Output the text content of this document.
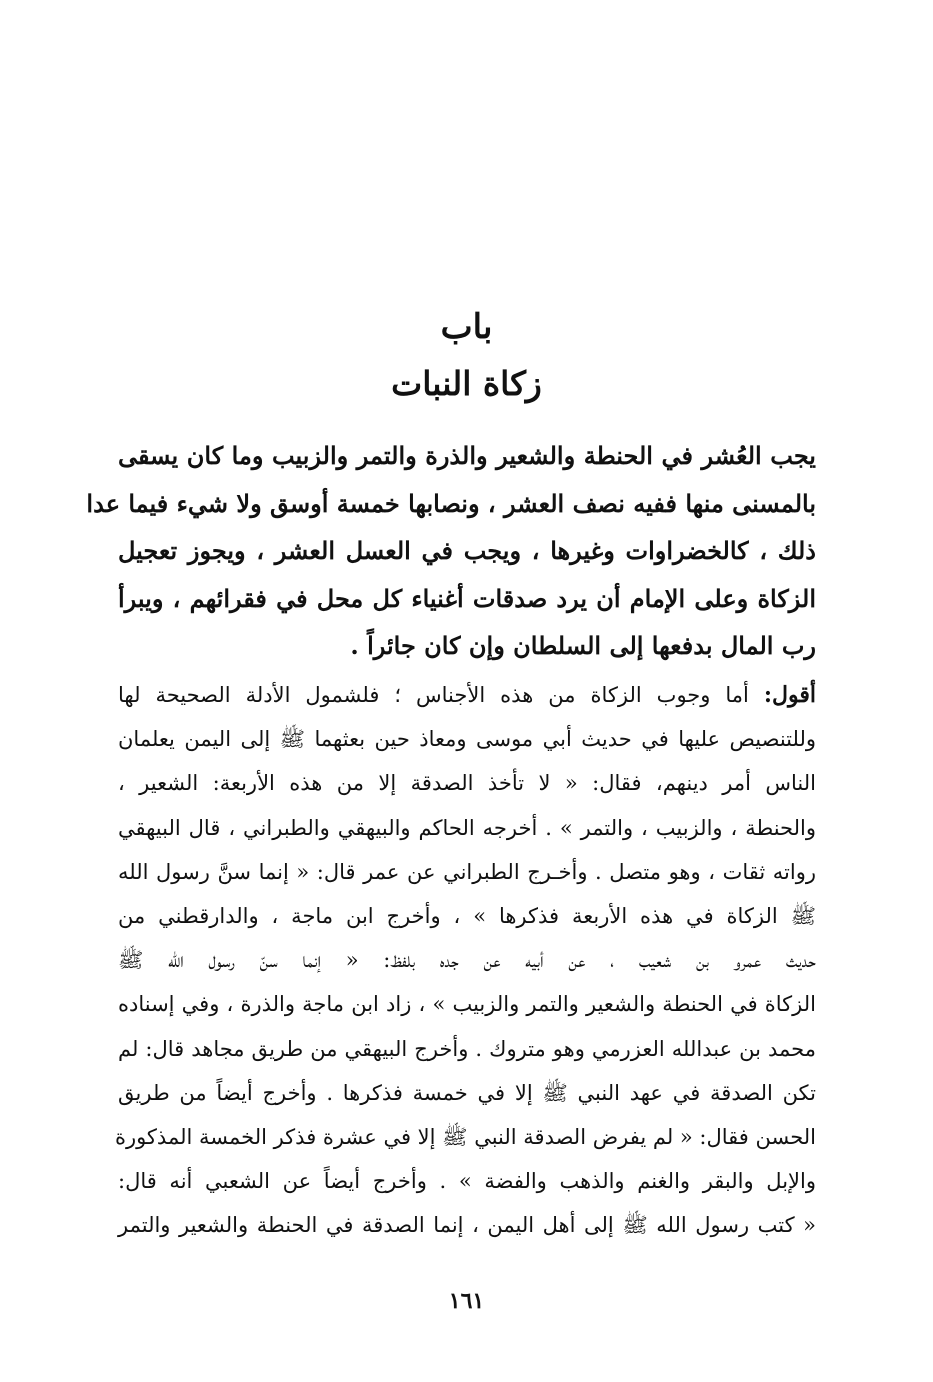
باب
زكاة النبات
يجب العُشر في الحنطة والشعير والذرة والتمر والزبيب وما كان يسقى
بالمسنى منها ففيه نصف العشر ، ونصابها خمسة أوسق ولا شيء فيما عدا
ذلك ، كالخضراوات وغيرها ، ويجب في العسل العشر ، ويجوز تعجيل
الزكاة وعلى الإمام أن يرد صدقات أغنياء كل محل في فقرائهم ، ويبرأ
رب المال بدفعها إلى السلطان وإن كان جائراً .
أقول: أما وجوب الزكاة من هذه الأجناس ؛ فلشمول الأدلة الصحيحة لها
وللتنصيص عليها في حديث أبي موسى ومعاذ حين بعثهما ﷺ إلى اليمن يعلمان
الناس أمر دينهم، فقال: « لا تأخذ الصدقة إلا من هذه الأربعة: الشعير ،
والحنطة ، والزبيب ، والتمر » . أخرجه الحاكم والبيهقي والطبراني ، قال البيهقي
رواته ثقات ، وهو متصل . وأخـرج الطبراني عن عمر قال: « إنما سنَّ رسول الله
ﷺ الزكاة في هذه الأربعة فذكرها » ، وأخرج ابن ماجة ، والدارقطني من
حديث عمرو بن شعيب ، عن أبيه عن جده بلفظ: « إنما سنّ رسول الله ﷺ
الزكاة في الحنطة والشعير والتمر والزبيب » ، زاد ابن ماجة والذرة ، وفي إسناده
محمد بن عبدالله العزرمي وهو متروك . وأخرج البيهقي من طريق مجاهد قال: لم
تكن الصدقة في عهد النبي ﷺ إلا في خمسة فذكرها . وأخرج أيضاً من طريق
الحسن فقال: « لم يفرض الصدقة النبي ﷺ إلا في عشرة فذكر الخمسة المذكورة
والإبل والبقر والغنم والذهب والفضة » . وأخرج أيضاً عن الشعبي أنه قال:
« كتب رسول الله ﷺ إلى أهل اليمن ، إنما الصدقة في الحنطة والشعير والتمر
١٦١
